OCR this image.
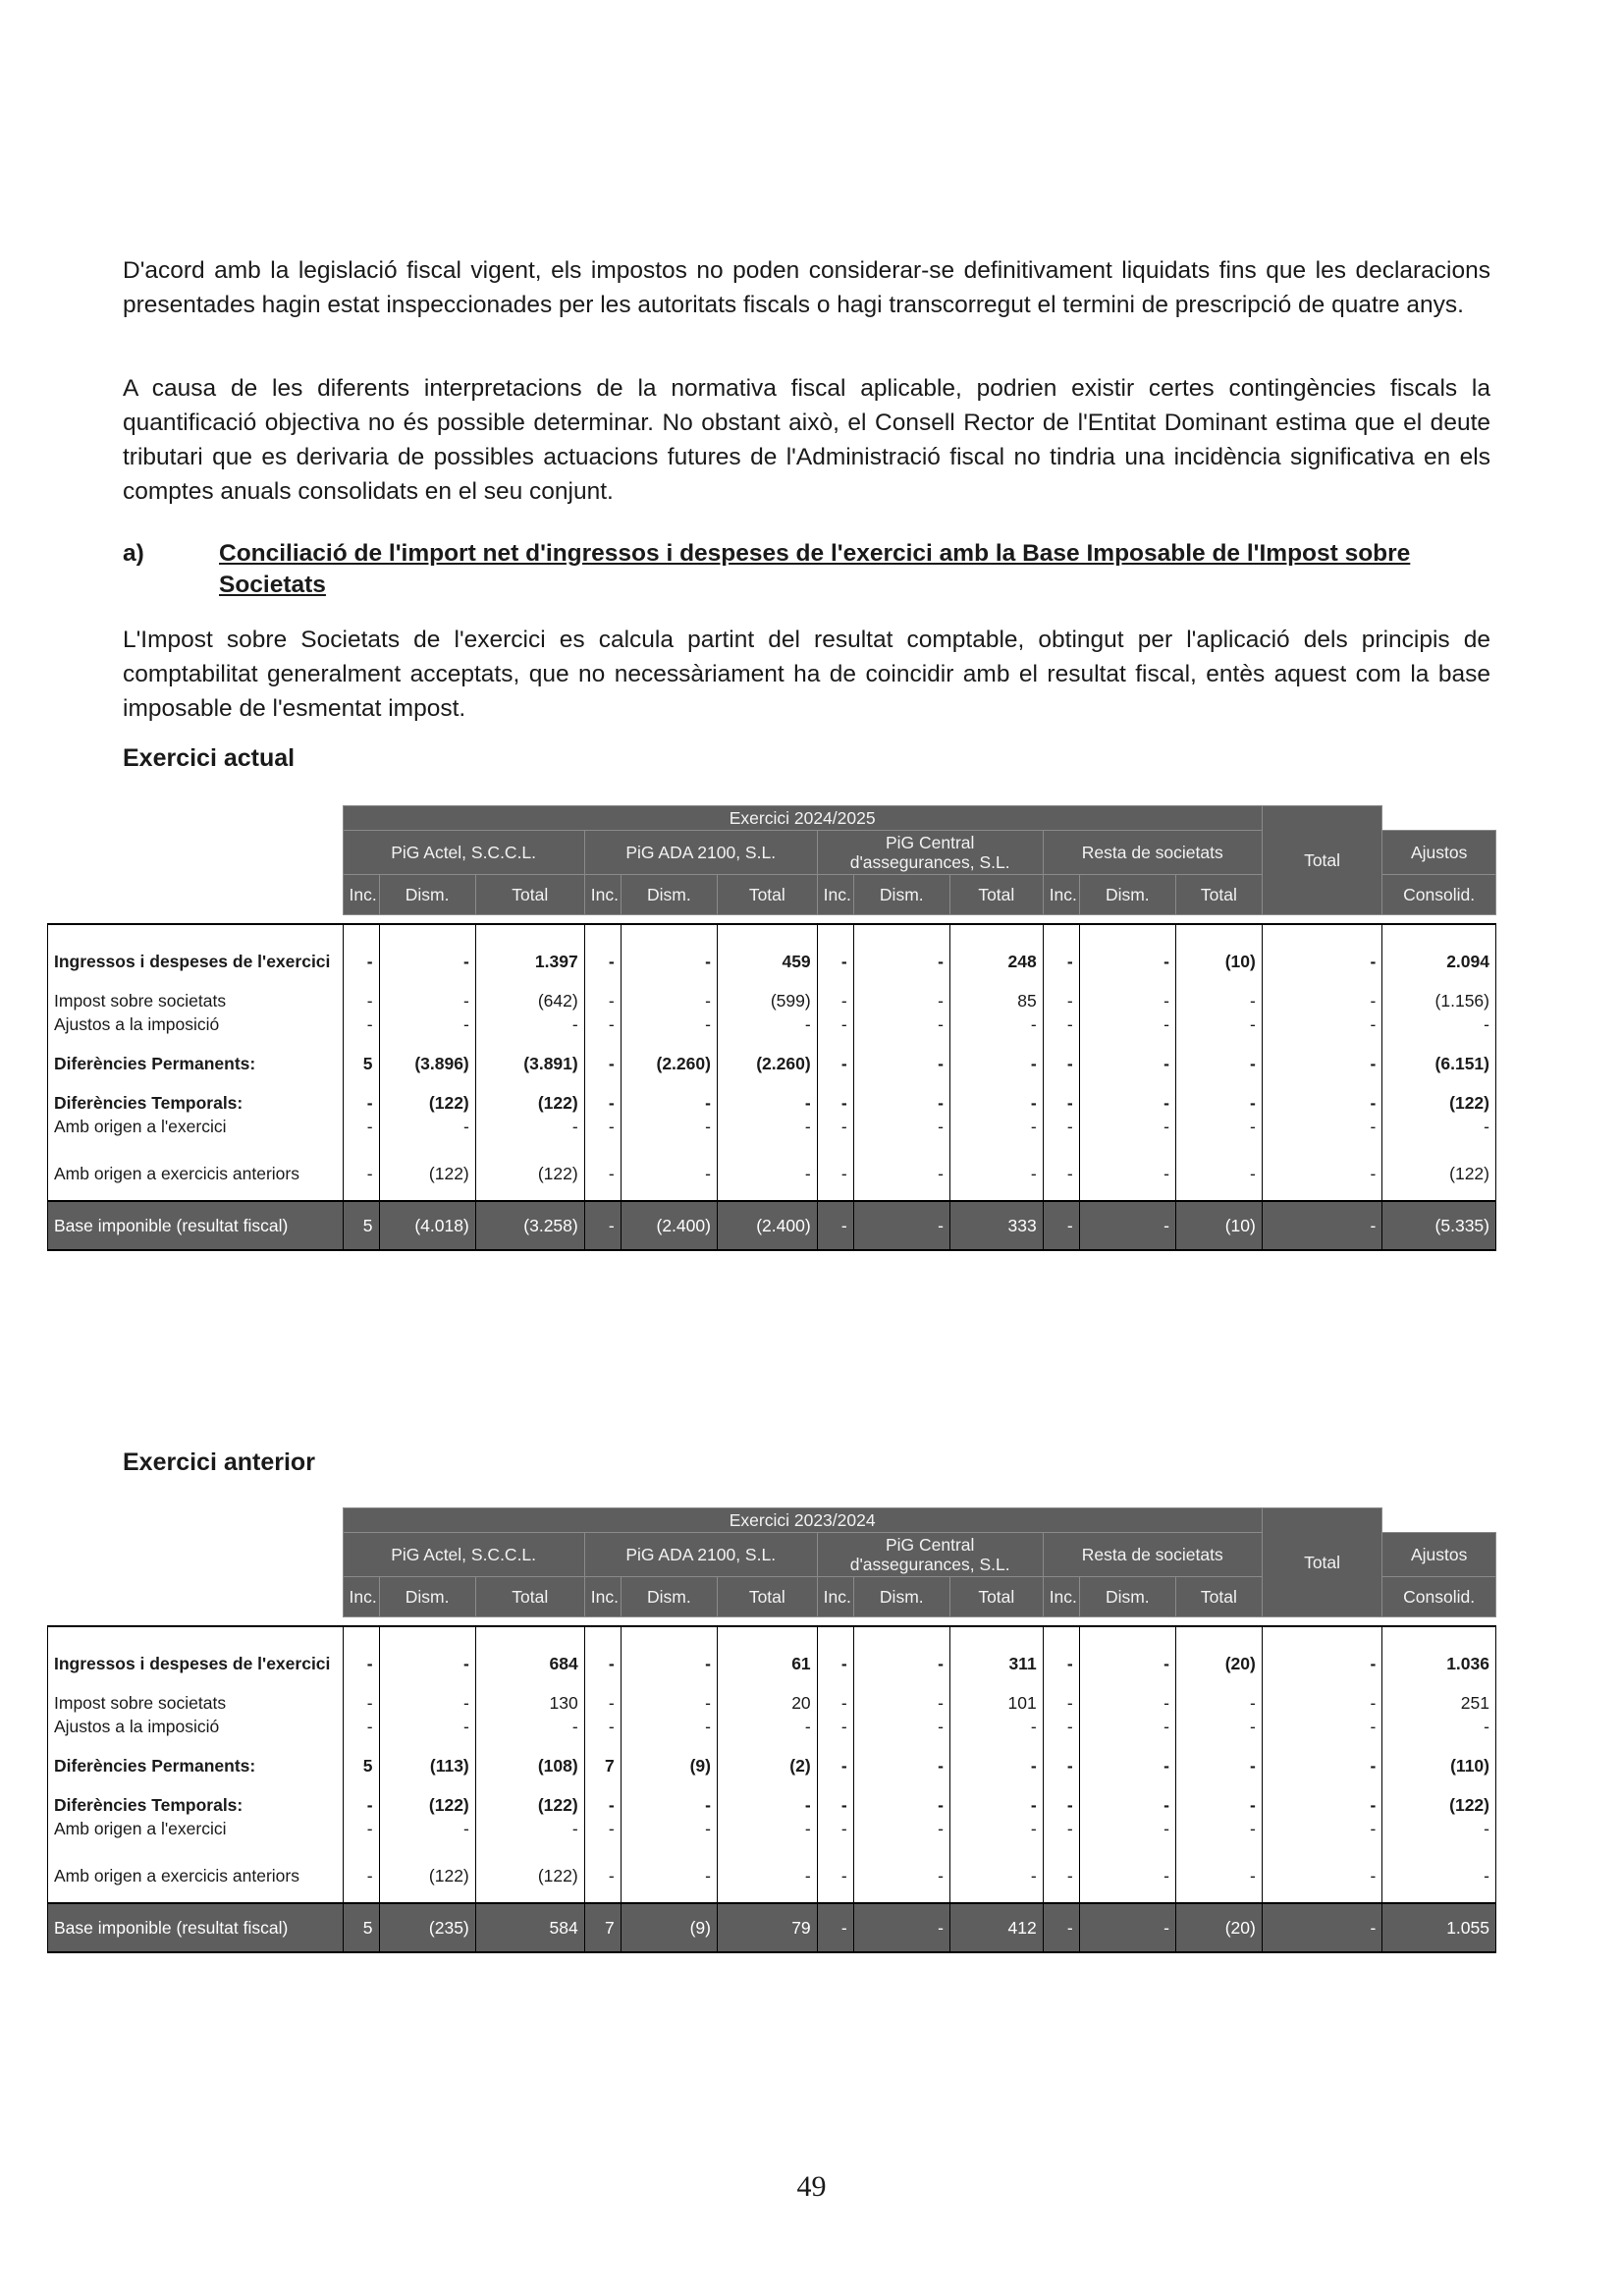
D'acord amb la legislació fiscal vigent, els impostos no poden considerar-se definitivament liquidats fins que les declaracions presentades hagin estat inspeccionades per les autoritats fiscals o hagi transcorregut el termini de prescripció de quatre anys.

A causa de les diferents interpretacions de la normativa fiscal aplicable, podrien existir certes contingències fiscals la quantificació objectiva no és possible determinar. No obstant això, el Consell Rector de l'Entitat Dominant estima que el deute tributari que es derivaria de possibles actuacions futures de l'Administració fiscal no tindria una incidència significativa en els comptes anuals consolidats en el seu conjunt.

a)	Conciliació de l'import net d'ingressos i despeses de l'exercici amb la Base Imposable de l'Impost sobre Societats

L'Impost sobre Societats de l'exercici es calcula partint del resultat comptable, obtingut per l'aplicació dels principis de comptabilitat generalment acceptats, que no necessàriament ha de coincidir amb el resultat fiscal, entès aquest com la base imposable de l'esmentat impost.

Exercici actual
	Exercici 2024/2025												Total	
	PiG Actel, S.C.C.L.			PiG ADA 2100, S.L.			PiG Central d'assegurances, S.L.			Resta de societats				Ajustos
	Inc.	Dism.	Total	Inc.	Dism.	Total	Inc.	Dism.	Total	Inc.	Dism.	Total		Consolid.

Ingressos i despeses de l'exercici	-	-	1.397	-	-	459	-	-	248	-	-	(10)	-	2.094

Impost sobre societats	-	-	(642)	-	-	(599)	-	-	85	-	-	-	-	(1.156)
Ajustos a la imposició	-	-	-	-	-	-	-	-	-	-	-	-	-	-

Diferències Permanents:	5	(3.896)	(3.891)	-	(2.260)	(2.260)	-	-	-	-	-	-	-	(6.151)

Diferències Temporals:	-	(122)	(122)	-	-	-	-	-	-	-	-	-	-	(122)
Amb origen a l'exercici	-	-	-	-	-	-	-	-	-	-	-	-	-	-
Amb origen a exercicis anteriors	-	(122)	(122)	-	-	-	-	-	-	-	-	-	-	(122)

Base imponible (resultat fiscal)	5	(4.018)	(3.258)	-	(2.400)	(2.400)	-	-	333	-	-	(10)	-	(5.335)
Exercici anterior
	Exercici 2023/2024												Total	
	PiG Actel, S.C.C.L.			PiG ADA 2100, S.L.			PiG Central d'assegurances, S.L.			Resta de societats				Ajustos
	Inc.	Dism.	Total	Inc.	Dism.	Total	Inc.	Dism.	Total	Inc.	Dism.	Total		Consolid.

Ingressos i despeses de l'exercici	-	-	684	-	-	61	-	-	311	-	-	(20)	-	1.036

Impost sobre societats	-	-	130	-	-	20	-	-	101	-	-	-	-	251
Ajustos a la imposició	-	-	-	-	-	-	-	-	-	-	-	-	-	-

Diferències Permanents:	5	(113)	(108)	7	(9)	(2)	-	-	-	-	-	-	-	(110)

Diferències Temporals:	-	(122)	(122)	-	-	-	-	-	-	-	-	-	-	(122)
Amb origen a l'exercici	-	-	-	-	-	-	-	-	-	-	-	-	-	-
Amb origen a exercicis anteriors	-	(122)	(122)	-	-	-	-	-	-	-	-	-	-	-

Base imponible (resultat fiscal)	5	(235)	584	7	(9)	79	-	-	412	-	-	(20)	-	1.055
49
